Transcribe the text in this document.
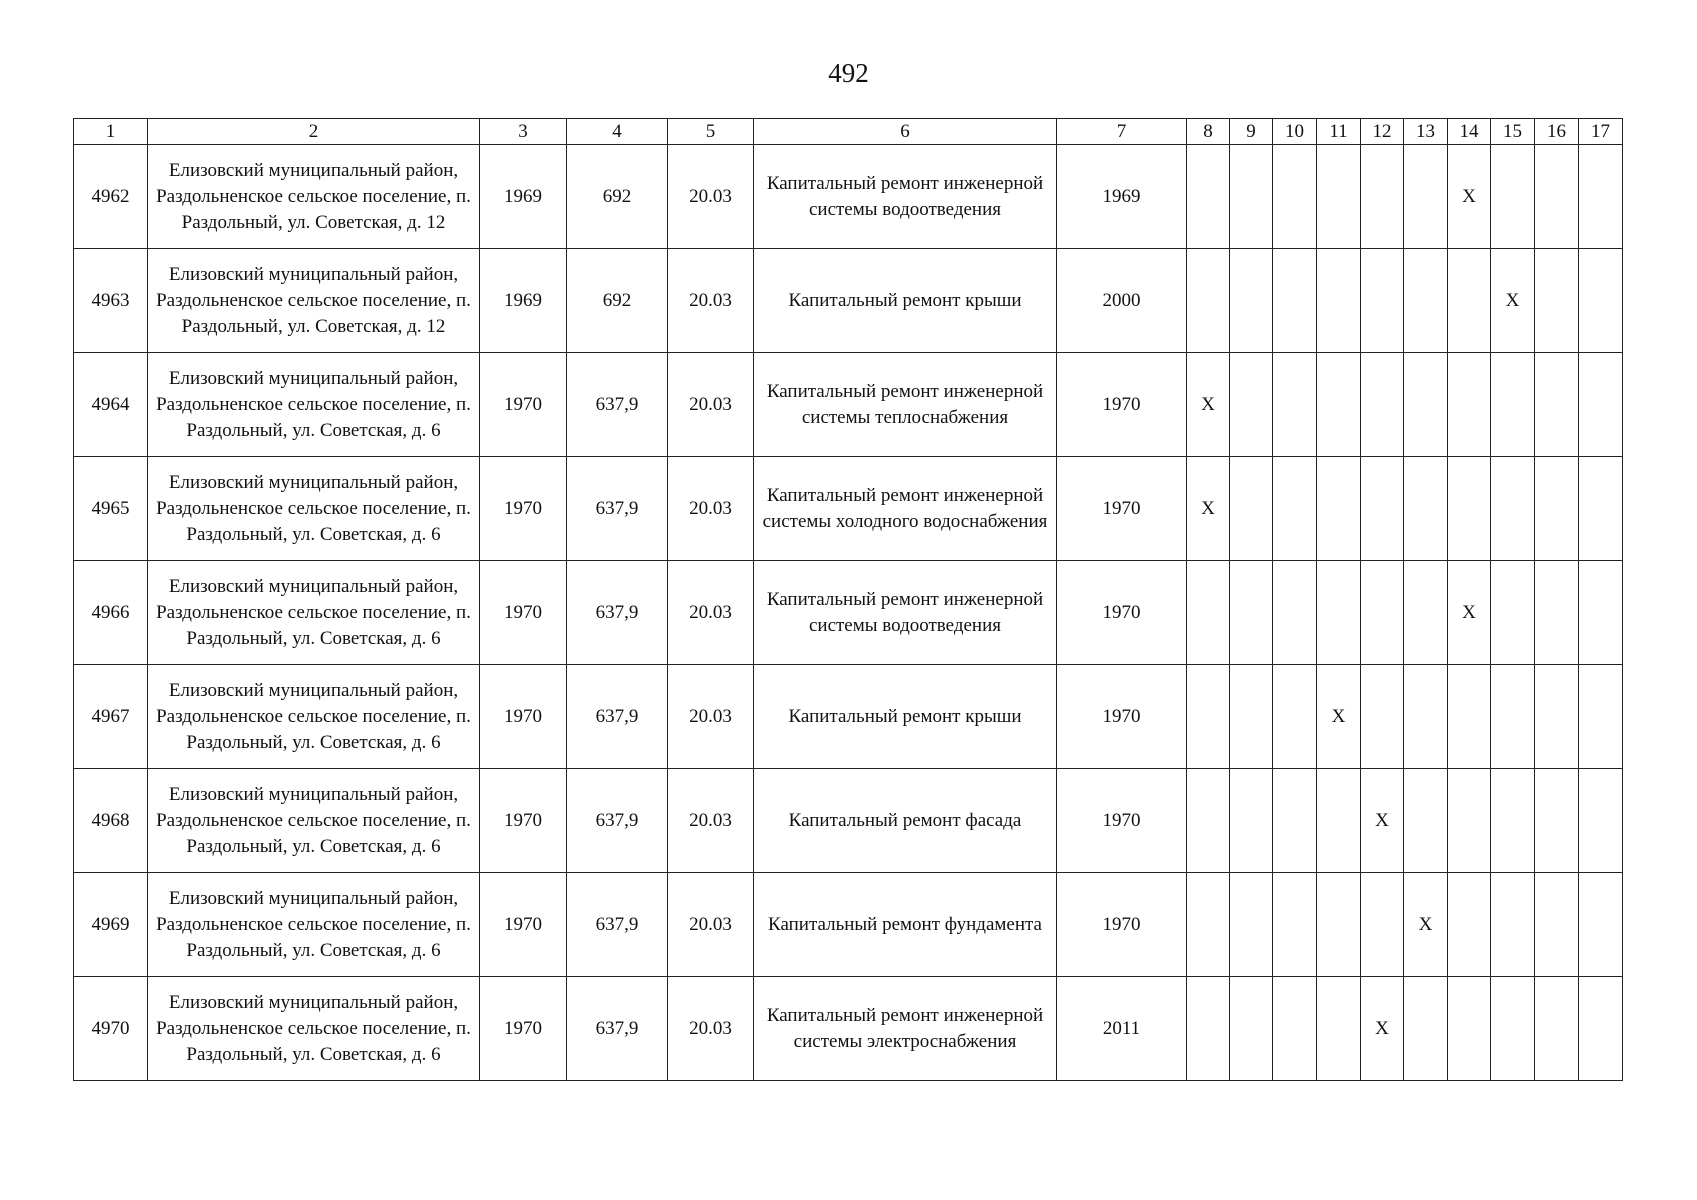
492
1	2	3	4	5	6	7	8	9	10	11	12	13	14	15	16	17
4962	Елизовский муниципальный район, Раздольненское сельское поселение, п. Раздольный, ул. Советская, д. 12	1969	692	20.03	Капитальный ремонт инженерной системы водоотведения	1969							X			
4963	Елизовский муниципальный район, Раздольненское сельское поселение, п. Раздольный, ул. Советская, д. 12	1969	692	20.03	Капитальный ремонт крыши	2000								X		
4964	Елизовский муниципальный район, Раздольненское сельское поселение, п. Раздольный, ул. Советская, д. 6	1970	637,9	20.03	Капитальный ремонт инженерной системы теплоснабжения	1970	X									
4965	Елизовский муниципальный район, Раздольненское сельское поселение, п. Раздольный, ул. Советская, д. 6	1970	637,9	20.03	Капитальный ремонт инженерной системы холодного водоснабжения	1970	X									
4966	Елизовский муниципальный район, Раздольненское сельское поселение, п. Раздольный, ул. Советская, д. 6	1970	637,9	20.03	Капитальный ремонт инженерной системы водоотведения	1970							X			
4967	Елизовский муниципальный район, Раздольненское сельское поселение, п. Раздольный, ул. Советская, д. 6	1970	637,9	20.03	Капитальный ремонт крыши	1970				X						
4968	Елизовский муниципальный район, Раздольненское сельское поселение, п. Раздольный, ул. Советская, д. 6	1970	637,9	20.03	Капитальный ремонт фасада	1970					X					
4969	Елизовский муниципальный район, Раздольненское сельское поселение, п. Раздольный, ул. Советская, д. 6	1970	637,9	20.03	Капитальный ремонт фундамента	1970						X				
4970	Елизовский муниципальный район, Раздольненское сельское поселение, п. Раздольный, ул. Советская, д. 6	1970	637,9	20.03	Капитальный ремонт инженерной системы электроснабжения	2011					X					
